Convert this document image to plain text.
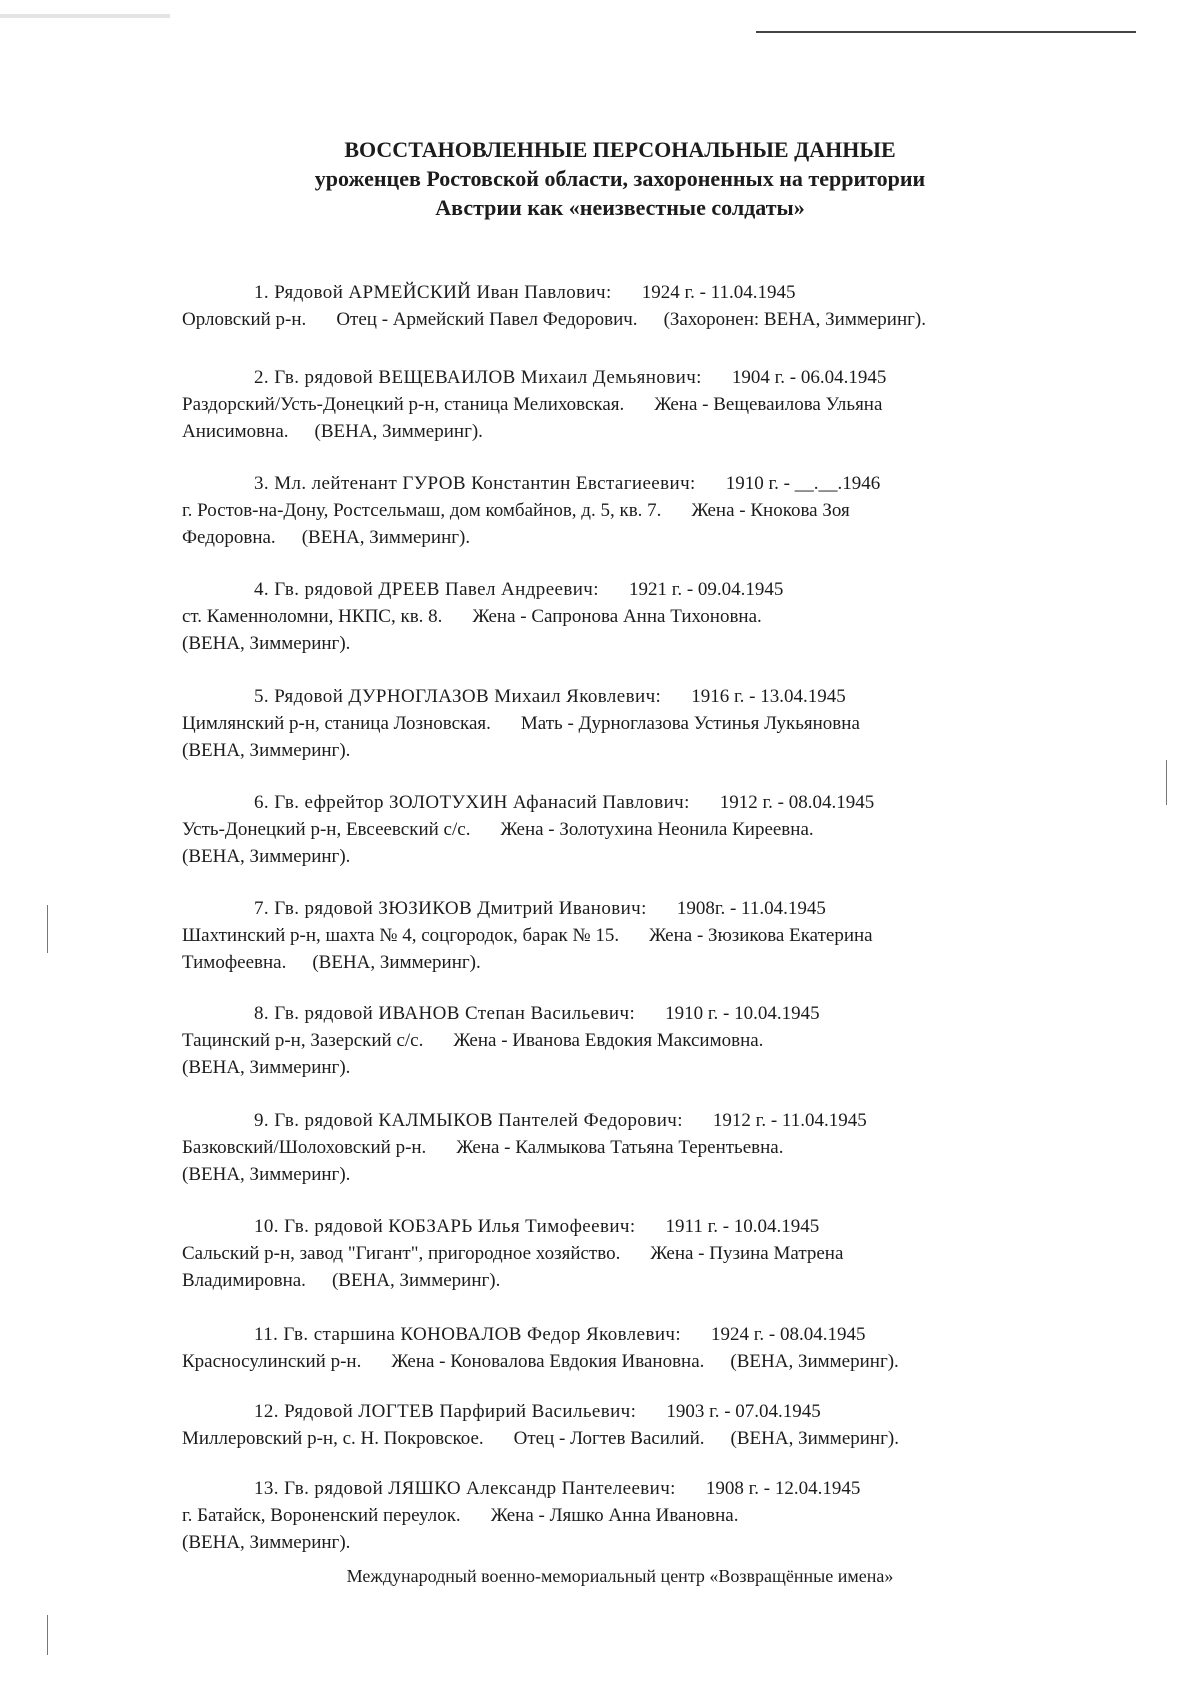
ВОССТАНОВЛЕННЫЕ ПЕРСОНАЛЬНЫЕ ДАННЫЕ
уроженцев Ростовской области, захороненных на территории
Австрии как «неизвестные солдаты»
1. Рядовой АРМЕЙСКИЙ Иван Павлович: 1924 г. - 11.04.1945
Орловский р-н. Отец - Армейский Павел Федорович. (Захоронен: ВЕНА, Зиммеринг).
2. Гв. рядовой ВЕЩЕВАИЛОВ Михаил Демьянович: 1904 г. - 06.04.1945
Раздорский/Усть-Донецкий р-н, станица Мелиховская. Жена - Вещеваилова Ульяна
Анисимовна. (ВЕНА, Зиммеринг).
3. Мл. лейтенант ГУРОВ Константин Евстагиеевич: 1910 г. - __.__.1946
г. Ростов-на-Дону, Ростсельмаш, дом комбайнов, д. 5, кв. 7. Жена - Кнокова Зоя
Федоровна. (ВЕНА, Зиммеринг).
4. Гв. рядовой ДРЕЕВ Павел Андреевич: 1921 г. - 09.04.1945
ст. Каменноломни, НКПС, кв. 8. Жена - Сапронова Анна Тихоновна.
(ВЕНА, Зиммеринг).
5. Рядовой ДУРНОГЛАЗОВ Михаил Яковлевич: 1916 г. - 13.04.1945
Цимлянский р-н, станица Лозновская. Мать - Дурноглазова Устинья Лукьяновна
(ВЕНА, Зиммеринг).
6. Гв. ефрейтор ЗОЛОТУХИН Афанасий Павлович: 1912 г. - 08.04.1945
Усть-Донецкий р-н, Евсеевский с/с. Жена - Золотухина Неонила Киреевна.
(ВЕНА, Зиммеринг).
7. Гв. рядовой ЗЮЗИКОВ Дмитрий Иванович: 1908г. - 11.04.1945
Шахтинский р-н, шахта № 4, соцгородок, барак № 15. Жена - Зюзикова Екатерина
Тимофеевна. (ВЕНА, Зиммеринг).
8. Гв. рядовой ИВАНОВ Степан Васильевич: 1910 г. - 10.04.1945
Тацинский р-н, Зазерский с/с. Жена - Иванова Евдокия Максимовна.
(ВЕНА, Зиммеринг).
9. Гв. рядовой КАЛМЫКОВ Пантелей Федорович: 1912 г. - 11.04.1945
Базковский/Шолоховский р-н. Жена - Калмыкова Татьяна Терентьевна.
(ВЕНА, Зиммеринг).
10. Гв. рядовой КОБЗАРЬ Илья Тимофеевич: 1911 г. - 10.04.1945
Сальский р-н, завод "Гигант", пригородное хозяйство. Жена - Пузина Матрена
Владимировна. (ВЕНА, Зиммеринг).
11. Гв. старшина КОНОВАЛОВ Федор Яковлевич: 1924 г. - 08.04.1945
Красносулинский р-н. Жена - Коновалова Евдокия Ивановна. (ВЕНА, Зиммеринг).
12. Рядовой ЛОГТЕВ Парфирий Васильевич: 1903 г. - 07.04.1945
Миллеровский р-н, с. Н. Покровское. Отец - Логтев Василий. (ВЕНА, Зиммеринг).
13. Гв. рядовой ЛЯШКО Александр Пантелеевич: 1908 г. - 12.04.1945
г. Батайск, Вороненский переулок. Жена - Ляшко Анна Ивановна.
(ВЕНА, Зиммеринг).
Международный военно-мемориальный центр «Возвращённые имена»
